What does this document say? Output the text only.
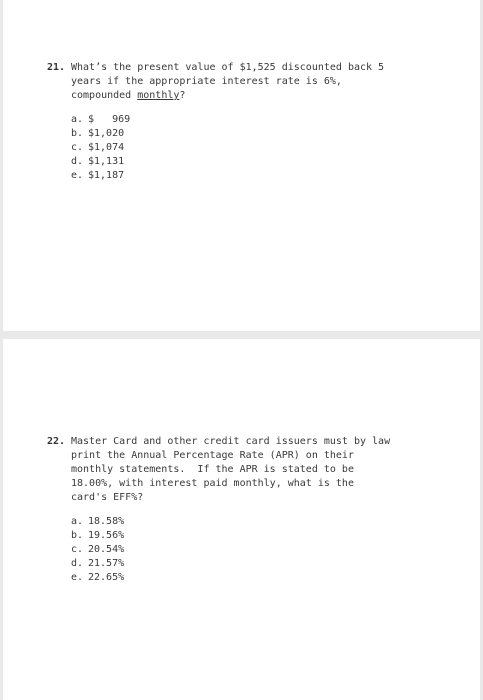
21. What’s the present value of $1,525 discounted back 5
years if the appropriate interest rate is 6%,
compounded monthly?
a. $   969
b. $1,020
c. $1,074
d. $1,131
e. $1,187
22. Master Card and other credit card issuers must by law
print the Annual Percentage Rate (APR) on their
monthly statements.  If the APR is stated to be
18.00%, with interest paid monthly, what is the
card's EFF%?
a. 18.58%
b. 19.56%
c. 20.54%
d. 21.57%
e. 22.65%
